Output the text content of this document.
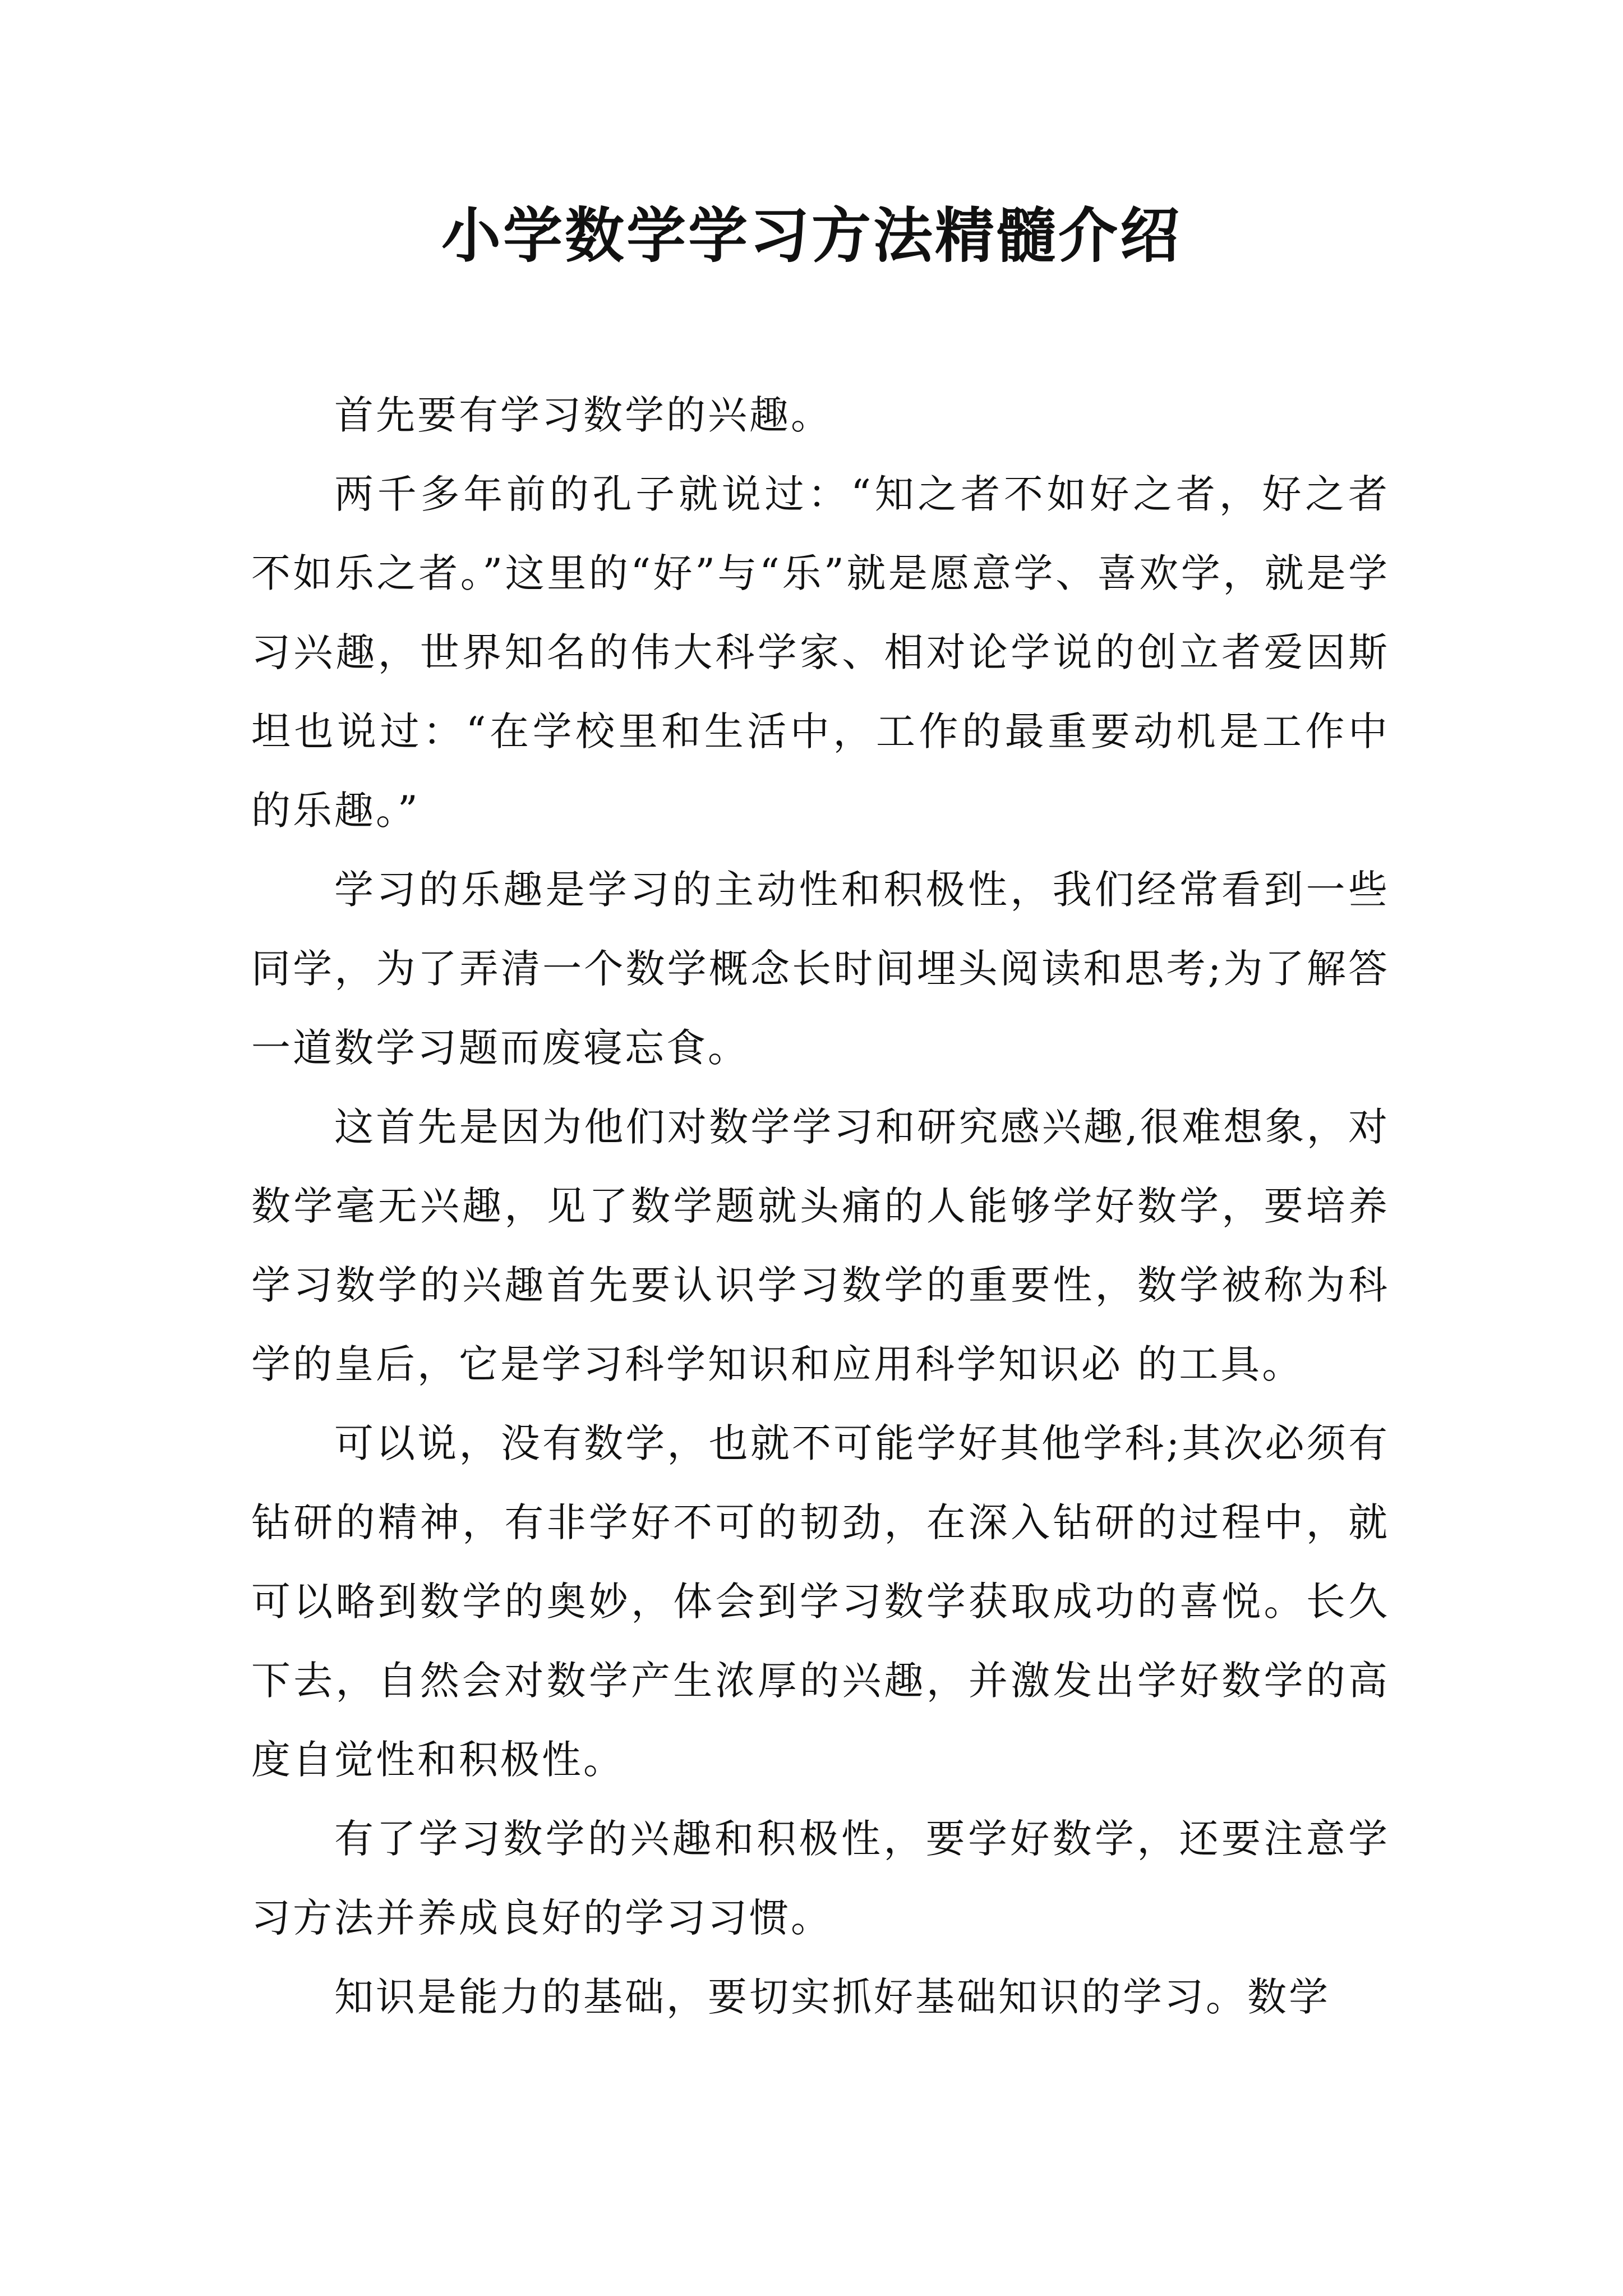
小学数学学习方法精髓介绍

首先要有学习数学的兴趣。

两千多年前的孔子就说过：“知之者不如好之者，好之者不如乐之者。”这里的“好”与“乐”就是愿意学、喜欢学，就是学习兴趣，世界知名的伟大科学家、相对论学说的创立者爱因斯坦也说过：“在学校里和生活中，工作的最重要动机是工作中的乐趣。”

学习的乐趣是学习的主动性和积极性，我们经常看到一些同学，为了弄清一个数学概念长时间埋头阅读和思考;为了解答一道数学习题而废寝忘食。

这首先是因为他们对数学学习和研究感兴趣,很难想象，对数学毫无兴趣，见了数学题就头痛的人能够学好数学，要培养学习数学的兴趣首先要认识学习数学的重要性，数学被称为科学的皇后，它是学习科学知识和应用科学知识必 的工具。

可以说，没有数学，也就不可能学好其他学科;其次必须有钻研的精神，有非学好不可的韧劲，在深入钻研的过程中，就可以略到数学的奥妙，体会到学习数学获取成功的喜悦。长久下去，自然会对数学产生浓厚的兴趣，并激发出学好数学的高度自觉性和积极性。

有了学习数学的兴趣和积极性，要学好数学，还要注意学习方法并养成良好的学习习惯。

知识是能力的基础，要切实抓好基础知识的学习。数学
